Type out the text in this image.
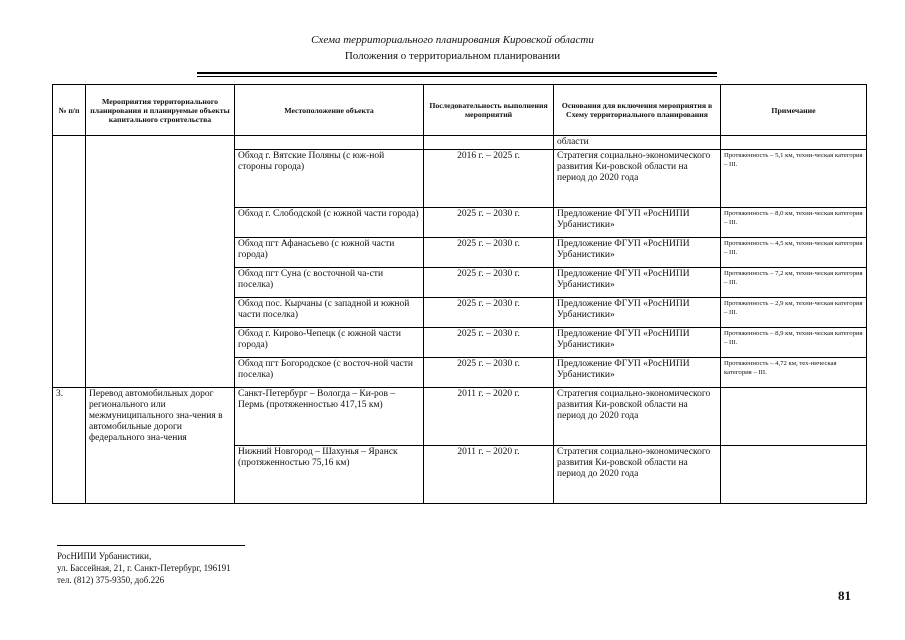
Схема территориального планирования Кировской области
Положения о территориальном планировании
№ п/п	Мероприятия территориального планирования и планируемые объекты капитального строительства	Местоположение объекта	Последовательность выполнения мероприятий	Основания для включения мероприятия в Схему территориального планирования	Примечание
				области	
		Обход г. Вятские Поляны (с юж-ной стороны города)	2016 г. – 2025 г.	Стратегия социально-экономического развития Ки-ровской области на период до 2020 года	Протяженность – 5,1 км, техни-ческая категория – III.
		Обход г. Слободской (с южной части города)	2025 г. – 2030 г.	Предложение ФГУП «РосНИПИ Урбанистики»	Протяженность – 8,0 км, техни-ческая категория – III.
		Обход пгт Афанасьево (с южной части города)	2025 г. – 2030 г.	Предложение ФГУП «РосНИПИ Урбанистики»	Протяженность – 4,5 км, техни-ческая категория – III.
		Обход пгт Суна (с восточной ча-сти поселка)	2025 г. – 2030 г.	Предложение ФГУП «РосНИПИ Урбанистики»	Протяженность – 7,2 км, техни-ческая категория – III.
		Обход пос. Кырчаны (с западной и южной части поселка)	2025 г. – 2030 г.	Предложение ФГУП «РосНИПИ Урбанистики»	Протяженность – 2,9 км, техни-ческая категория – III.
		Обход г. Кирово-Чепецк (с южной части города)	2025 г. – 2030 г.	Предложение ФГУП «РосНИПИ Урбанистики»	Протяженность – 8,9 км, техни-ческая категория – III.
		Обход пгт Богородское (с восточ-ной части поселка)	2025 г. – 2030 г.	Предложение ФГУП «РосНИПИ Урбанистики»	Протяженность – 4,72 км, тех-ническая категория – III.
3.	Перевод автомобильных дорог регионального или межмуниципального зна-чения в автомобильные дороги федерального зна-чения	Санкт-Петербург – Вологда – Ки-ров – Пермь (протяженностью 417,15 км)	2011 г. – 2020 г.	Стратегия социально-экономического развития Ки-ровской области на период до 2020 года	
		Нижний Новгород – Шахунья – Яранск (протяженностью 75,16 км)	2011 г. – 2020 г.	Стратегия социально-экономического развития Ки-ровской области на период до 2020 года	
РосНИПИ Урбанистики,
ул. Бассейная, 21, г. Санкт-Петербург, 196191
тел. (812) 375-9350, доб.226
81
